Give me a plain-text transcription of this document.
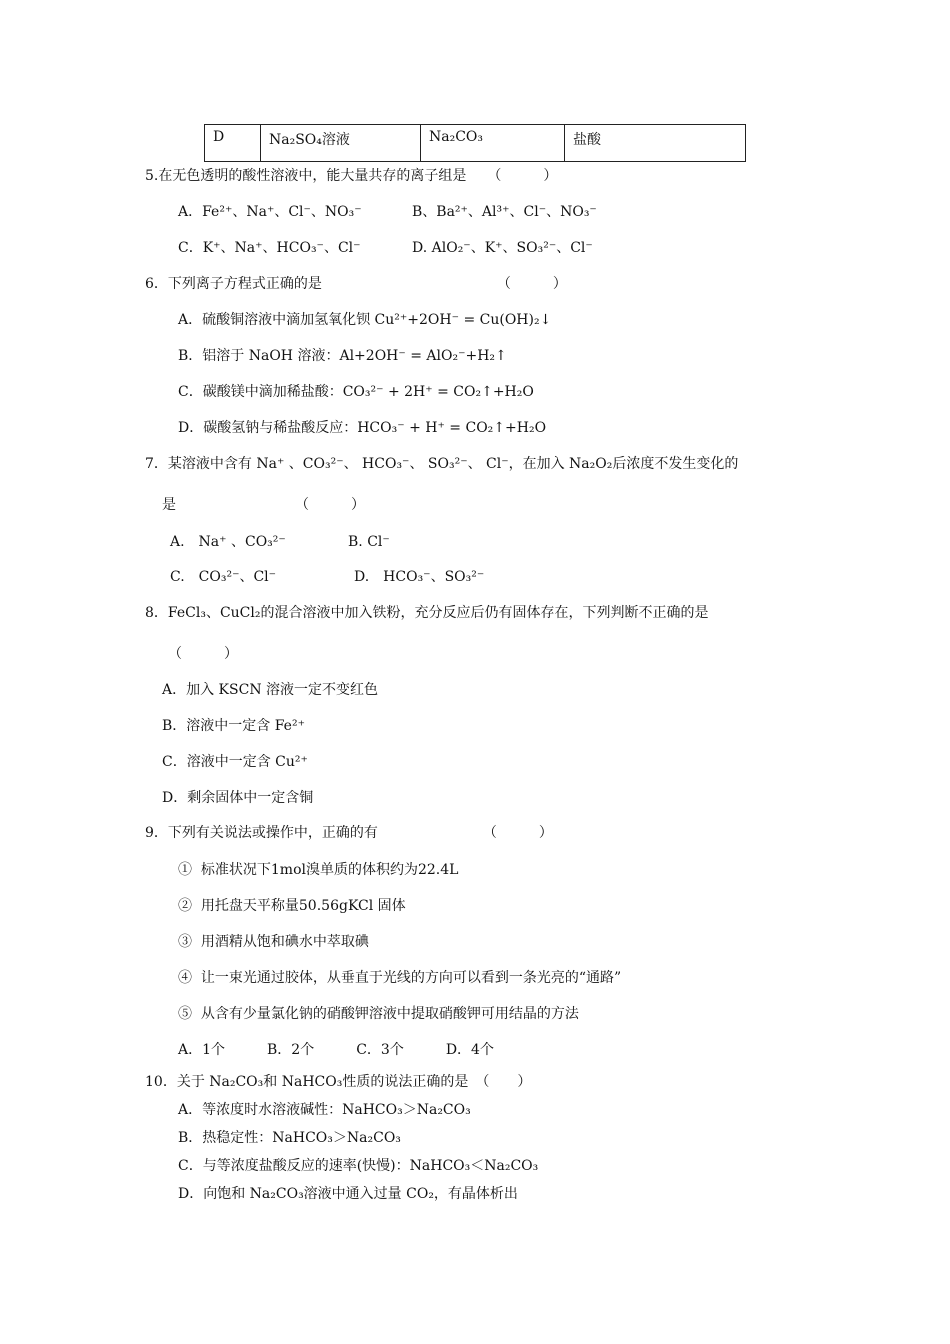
D	Na₂SO₄溶液	Na₂CO₃	盐酸
5.在无色透明的酸性溶液中，能大量共存的离子组是　　（　　　）
A．Fe²⁺、Na⁺、Cl⁻、NO₃⁻	B、Ba²⁺、Al³⁺、Cl⁻、NO₃⁻
C．K⁺、Na⁺、HCO₃⁻、Cl⁻	D. AlO₂⁻、K⁺、SO₃²⁻、Cl⁻
6．下列离子方程式正确的是　　　　　　　　　　　　　（　　　）
A．硫酸铜溶液中滴加氢氧化钡 Cu²⁺+2OH⁻ = Cu(OH)₂↓
B．铝溶于 NaOH 溶液：Al+2OH⁻ = AlO₂⁻+H₂↑
C．碳酸镁中滴加稀盐酸：CO₃²⁻ + 2H⁺ = CO₂↑+H₂O
D．碳酸氢钠与稀盐酸反应：HCO₃⁻ + H⁺ = CO₂↑+H₂O
7．某溶液中含有 Na⁺ 、CO₃²⁻、 HCO₃⁻、 SO₃²⁻、 Cl⁻，在加入 Na₂O₂后浓度不发生变化的
是　　　　　　　　　（　　　）
A.　Na⁺ 、CO₃²⁻	B. Cl⁻
C.　CO₃²⁻、Cl⁻	D.　HCO₃⁻、SO₃²⁻
8．FeCl₃、CuCl₂的混合溶液中加入铁粉，充分反应后仍有固体存在，下列判断不正确的是
（　　　）
A．加入 KSCN 溶液一定不变红色
B．溶液中一定含 Fe²⁺
C．溶液中一定含 Cu²⁺
D．剩余固体中一定含铜
9．下列有关说法或操作中，正确的有　　　　　　　　（　　　）
①  标准状况下1mol溴单质的体积约为22.4L
②  用托盘天平称量50.56gKCl 固体
③  用酒精从饱和碘水中萃取碘
④  让一束光通过胶体，从垂直于光线的方向可以看到一条光亮的“通路”
⑤  从含有少量氯化钠的硝酸钾溶液中提取硝酸钾可用结晶的方法
A．1个　　　B．2个　　　C．3个　　　D．4个
10．关于 Na₂CO₃和 NaHCO₃性质的说法正确的是　（　　）
A．等浓度时水溶液碱性：NaHCO₃＞Na₂CO₃
B．热稳定性：NaHCO₃＞Na₂CO₃
C．与等浓度盐酸反应的速率(快慢)：NaHCO₃＜Na₂CO₃
D．向饱和 Na₂CO₃溶液中通入过量 CO₂，有晶体析出
